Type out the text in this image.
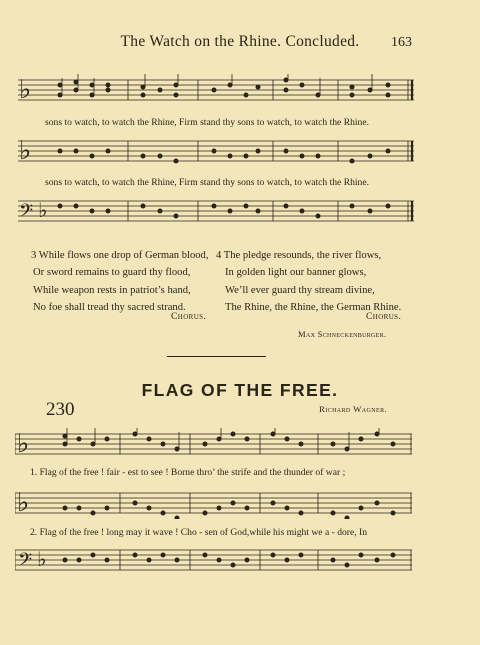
The Watch on the Rhine. Concluded.	163
♭
sons to watch, to watch the Rhine, Firm stand thy sons to watch, to watch the Rhine.
♭
sons to watch, to watch the Rhine, Firm stand thy sons to watch, to watch the Rhine.
𝄢 ♭
3 While flows one drop of German blood,
Or sword remains to guard thy flood,
While weapon rests in patriot’s hand,
No foe shall tread thy sacred strand.
Chorus.
4 The pledge resounds, the river flows,
In golden light our banner glows,
We’ll ever guard thy stream divine,
The Rhine, the Rhine, the German Rhine.
Chorus.
Max Schneckenburger.
FLAG OF THE FREE.
230	Richard Wagner.
♭
1. Flag of the free ! fair - est to see ! Borne thro’ the strife and the thunder of war ;
♭
2. Flag of the free ! long may it wave ! Cho - sen of God,while his might we a - dore, In
𝄢 ♭
